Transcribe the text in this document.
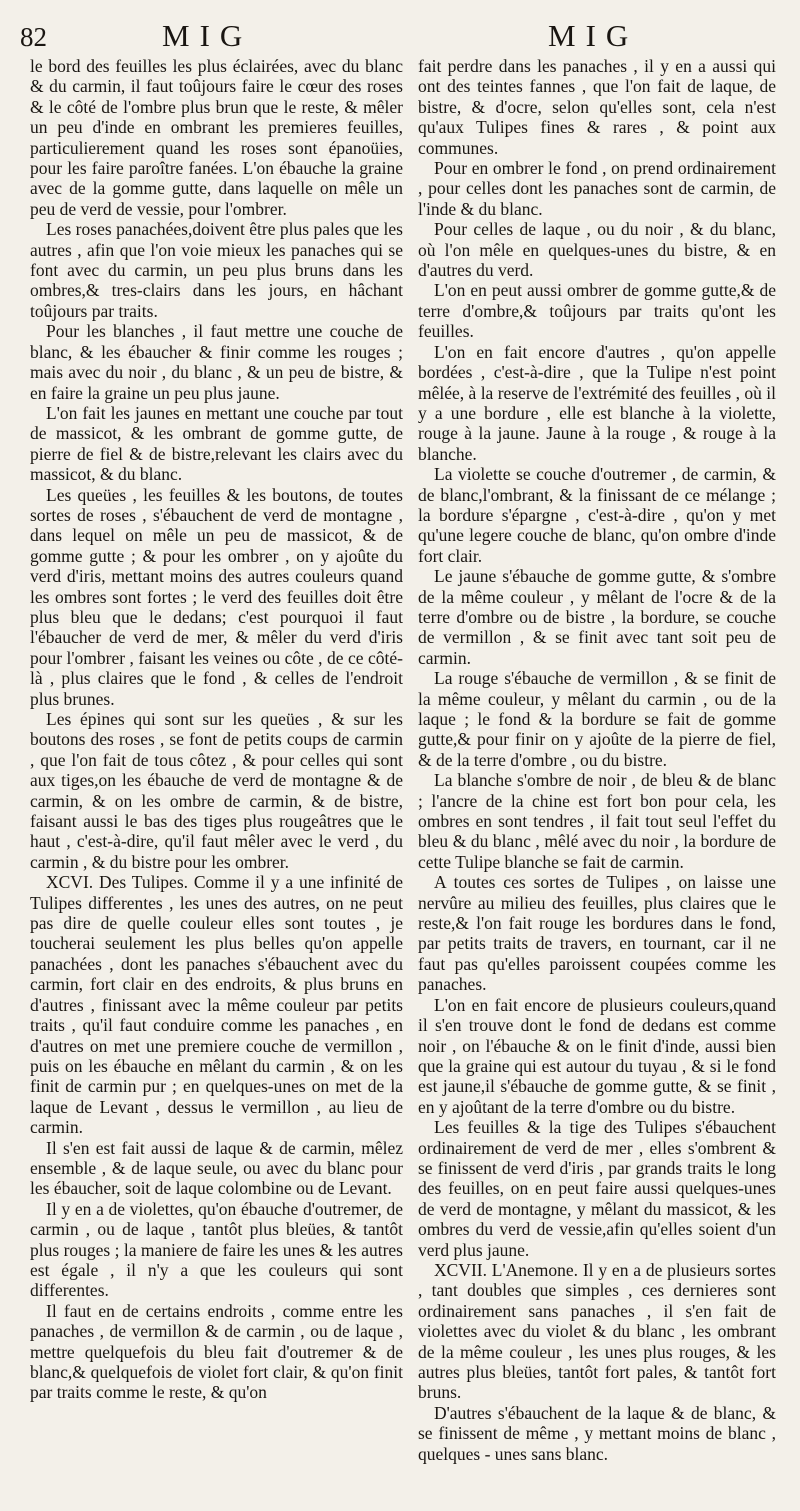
82	MIG	MIG

le bord des feuilles les plus éclairées, avec du blanc & du carmin, il faut toûjours faire le cœur des roses & le côté de l'ombre plus brun que le reste, & mêler un peu d'inde en ombrant les premieres feuilles, particulierement quand les roses sont épanoüies, pour les faire paroître fanées. L'on ébauche la graine avec de la gomme gutte, dans laquelle on mêle un peu de verd de vessie, pour l'ombrer.

Les roses panachées,doivent être plus pales que les autres , afin que l'on voie mieux les panaches qui se font avec du carmin, un peu plus bruns dans les ombres,& tres-clairs dans les jours, en hâchant toûjours par traits.

Pour les blanches , il faut mettre une couche de blanc, & les ébaucher & finir comme les rouges ; mais avec du noir , du blanc , & un peu de bistre, & en faire la graine un peu plus jaune.

L'on fait les jaunes en mettant une couche par tout de massicot, & les ombrant de gomme gutte, de pierre de fiel & de bistre,relevant les clairs avec du massicot, & du blanc.

Les queües , les feuilles & les boutons, de toutes sortes de roses , s'ébauchent de verd de montagne , dans lequel on mêle un peu de massicot, & de gomme gutte ; & pour les ombrer , on y ajoûte du verd d'iris, mettant moins des autres couleurs quand les ombres sont fortes ; le verd des feuilles doit être plus bleu que le dedans; c'est pourquoi il faut l'ébaucher de verd de mer, & mêler du verd d'iris pour l'ombrer , faisant les veines ou côte , de ce côté-là , plus claires que le fond , & celles de l'endroit plus brunes.

Les épines qui sont sur les queües , & sur les boutons des roses , se font de petits coups de carmin , que l'on fait de tous côtez , & pour celles qui sont aux tiges,on les ébauche de verd de montagne & de carmin, & on les ombre de carmin, & de bistre, faisant aussi le bas des tiges plus rougeâtres que le haut , c'est-à-dire, qu'il faut mêler avec le verd , du carmin , & du bistre pour les ombrer.

XCVI. Des Tulipes. Comme il y a une infinité de Tulipes differentes , les unes des autres, on ne peut pas dire de quelle couleur elles sont toutes , je toucherai seulement les plus belles qu'on appelle panachées , dont les panaches s'ébauchent avec du carmin, fort clair en des endroits, & plus bruns en d'autres , finissant avec la même couleur par petits traits , qu'il faut conduire comme les panaches , en d'autres on met une premiere couche de vermillon , puis on les ébauche en mêlant du carmin , & on les finit de carmin pur ; en quelques-unes on met de la laque de Levant , dessus le vermillon , au lieu de carmin.

Il s'en est fait aussi de laque & de carmin, mêlez ensemble , & de laque seule, ou avec du blanc pour les ébaucher, soit de laque colombine ou de Levant.

Il y en a de violettes, qu'on ébauche d'outremer, de carmin , ou de laque , tantôt plus bleües, & tantôt plus rouges ; la maniere de faire les unes & les autres est égale , il n'y a que les couleurs qui sont differentes.

Il faut en de certains endroits , comme entre les panaches , de vermillon & de carmin , ou de laque , mettre quelquefois du bleu fait d'outremer & de blanc,& quelquefois de violet fort clair, & qu'on finit par traits comme le reste, & qu'on

fait perdre dans les panaches , il y en a aussi qui ont des teintes fannes , que l'on fait de laque, de bistre, & d'ocre, selon qu'elles sont, cela n'est qu'aux Tulipes fines & rares , & point aux communes.

Pour en ombrer le fond , on prend ordinairement , pour celles dont les panaches sont de carmin, de l'inde & du blanc.

Pour celles de laque , ou du noir , & du blanc, où l'on mêle en quelques-unes du bistre, & en d'autres du verd.

L'on en peut aussi ombrer de gomme gutte,& de terre d'ombre,& toûjours par traits qu'ont les feuilles.

L'on en fait encore d'autres , qu'on appelle bordées , c'est-à-dire , que la Tulipe n'est point mêlée, à la reserve de l'extrémité des feuilles , où il y a une bordure , elle est blanche à la violette, rouge à la jaune. Jaune à la rouge , & rouge à la blanche.

La violette se couche d'outremer , de carmin, & de blanc,l'ombrant, & la finissant de ce mélange ; la bordure s'épargne , c'est-à-dire , qu'on y met qu'une legere couche de blanc, qu'on ombre d'inde fort clair.

Le jaune s'ébauche de gomme gutte, & s'ombre de la même couleur , y mêlant de l'ocre & de la terre d'ombre ou de bistre , la bordure, se couche de vermillon , & se finit avec tant soit peu de carmin.

La rouge s'ébauche de vermillon , & se finit de la même couleur, y mêlant du carmin , ou de la laque ; le fond & la bordure se fait de gomme gutte,& pour finir on y ajoûte de la pierre de fiel, & de la terre d'ombre , ou du bistre.

La blanche s'ombre de noir , de bleu & de blanc ; l'ancre de la chine est fort bon pour cela, les ombres en sont tendres , il fait tout seul l'effet du bleu & du blanc , mêlé avec du noir , la bordure de cette Tulipe blanche se fait de carmin.

A toutes ces sortes de Tulipes , on laisse une nervûre au milieu des feuilles, plus claires que le reste,& l'on fait rouge les bordures dans le fond, par petits traits de travers, en tournant, car il ne faut pas qu'elles paroissent coupées comme les panaches.

L'on en fait encore de plusieurs couleurs,quand il s'en trouve dont le fond de dedans est comme noir , on l'ébauche & on le finit d'inde, aussi bien que la graine qui est autour du tuyau , & si le fond est jaune,il s'ébauche de gomme gutte, & se finit , en y ajoûtant de la terre d'ombre ou du bistre.

Les feuilles & la tige des Tulipes s'ébauchent ordinairement de verd de mer , elles s'ombrent & se finissent de verd d'iris , par grands traits le long des feuilles, on en peut faire aussi quelques-unes de verd de montagne, y mêlant du massicot, & les ombres du verd de vessie,afin qu'elles soient d'un verd plus jaune.

XCVII. L'Anemone. Il y en a de plusieurs sortes , tant doubles que simples , ces dernieres sont ordinairement sans panaches , il s'en fait de violettes avec du violet & du blanc , les ombrant de la même couleur , les unes plus rouges, & les autres plus bleües, tantôt fort pales, & tantôt fort bruns.

D'autres s'ébauchent de la laque & de blanc, & se finissent de même , y mettant moins de blanc , quelques - unes sans blanc.
